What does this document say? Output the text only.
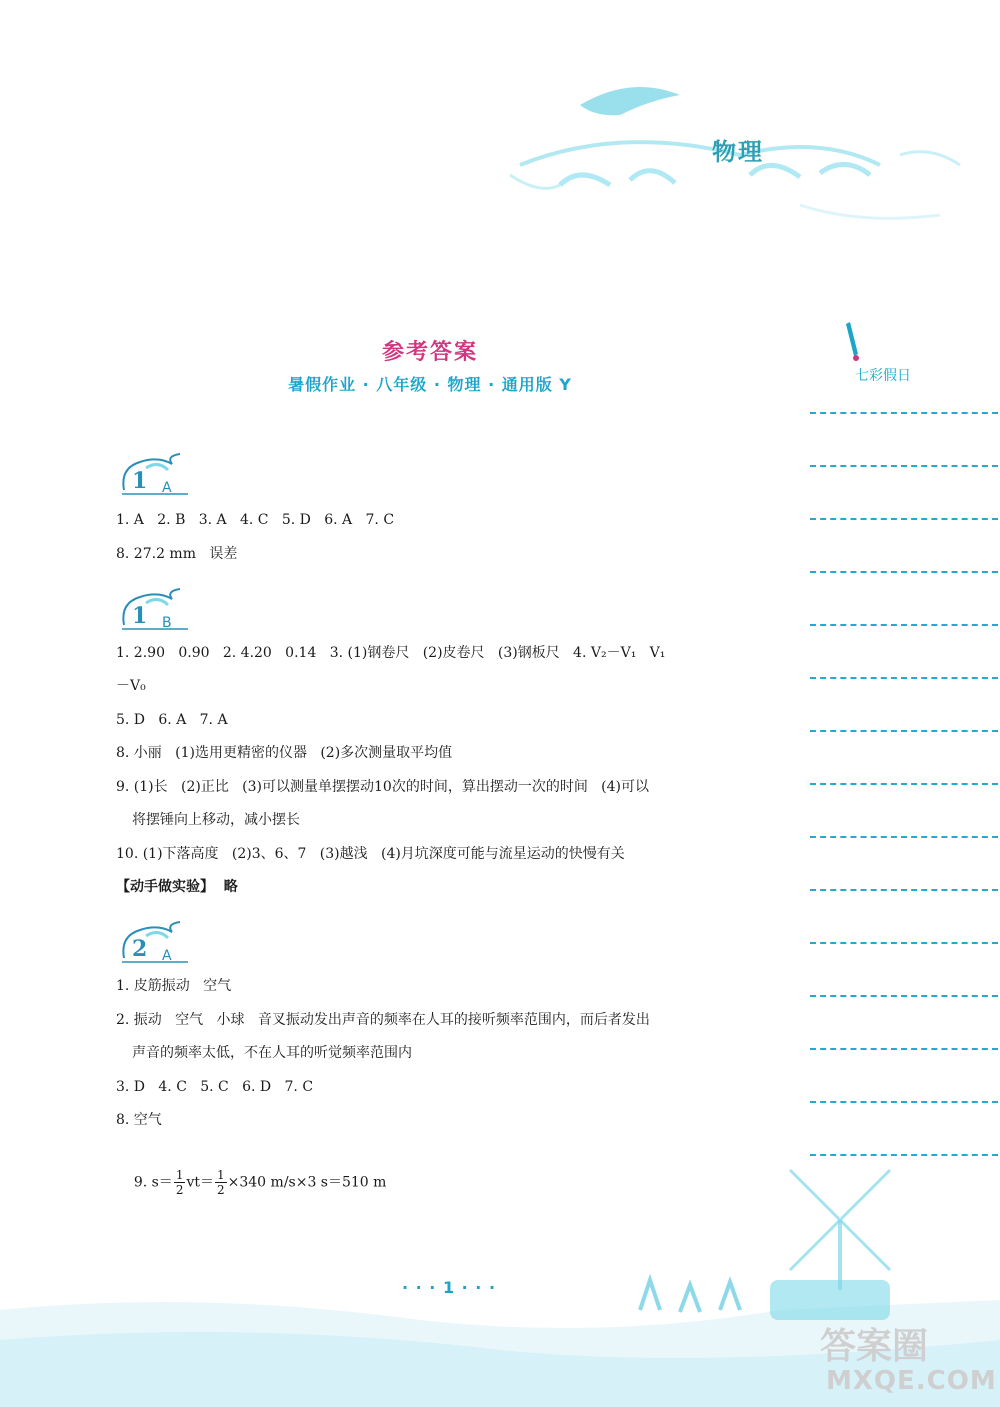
物理
参考答案
暑假作业 · 八年级 · 物理 · 通用版 Y	七彩假日
1 A
1. A   2. B   3. A   4. C   5. D   6. A   7. C
8. 27.2 mm   误差
1 B
1. 2.90   0.90   2. 4.20   0.14   3. (1)钢卷尺   (2)皮卷尺   (3)钢板尺   4. V₂－V₁   V₁
－V₀
5. D   6. A   7. A
8. 小丽   (1)选用更精密的仪器   (2)多次测量取平均值
9. (1)长   (2)正比   (3)可以测量单摆摆动10次的时间，算出摆动一次的时间   (4)可以
将摆锤向上移动，减小摆长
10. (1)下落高度   (2)3、6、7   (3)越浅   (4)月坑深度可能与流星运动的快慢有关
【动手做实验】  略
2 A
1. 皮筋振动   空气
2. 振动   空气   小球   音叉振动发出声音的频率在人耳的接听频率范围内，而后者发出
声音的频率太低，不在人耳的听觉频率范围内
3. D   4. C   5. C   6. D   7. C
8. 空气

9. $s= \frac{1}{2} vt= \frac{1}{2} \times 340$ m/s×3 s＝510 m

· · · 1 · · ·
答案圈
MXQE.COM
